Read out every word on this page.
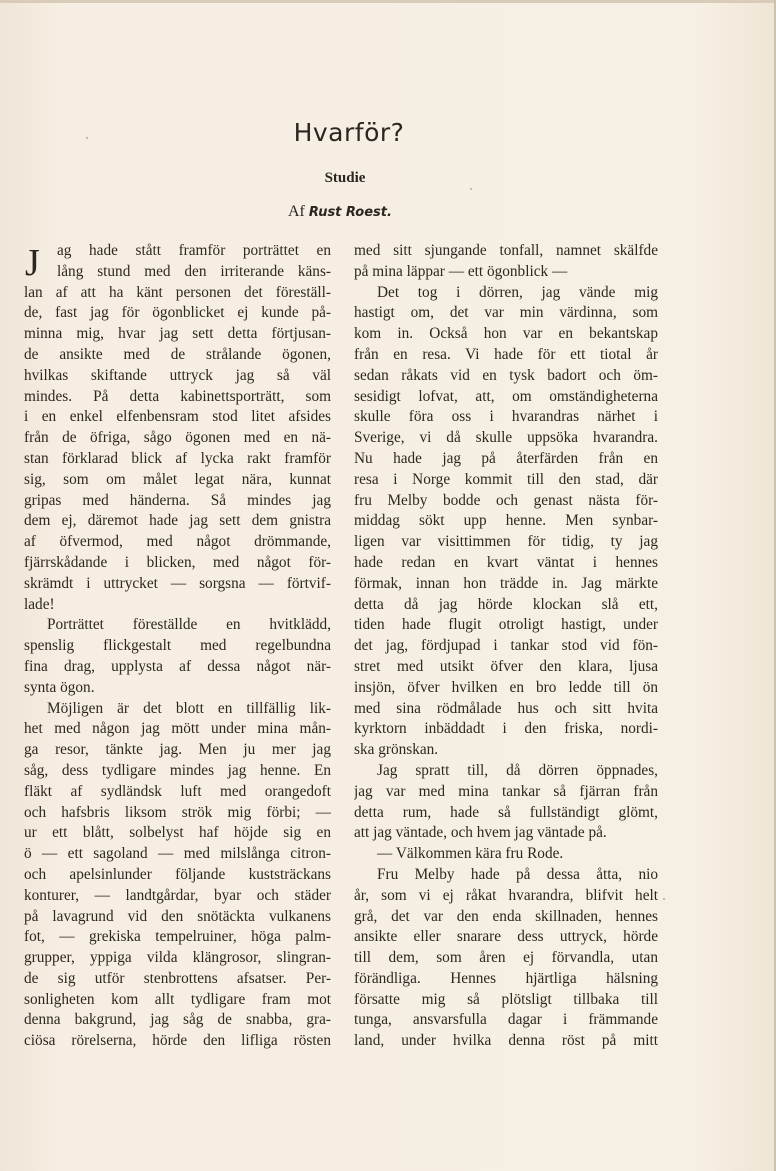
Hvarför?
Studie
Af Rust Roest.
J	ag hade stått framför porträttet en
lång stund med den irriterande käns-
lan af att ha känt personen det föreställ-
de, fast jag för ögonblicket ej kunde på-
minna mig, hvar jag sett detta förtjusan-
de ansikte med de strålande ögonen,
hvilkas skiftande uttryck jag så väl
mindes. På detta kabinettsporträtt, som
i en enkel elfenbensram stod litet afsides
från de öfriga, sågo ögonen med en nä-
stan förklarad blick af lycka rakt framför
sig, som om målet legat nära, kunnat
gripas med händerna. Så mindes jag
dem ej, däremot hade jag sett dem gnistra
af öfvermod, med något drömmande,
fjärrskådande i blicken, med något för-
skrämdt i uttrycket — sorgsna — förtvif-
lade!
Porträttet föreställde en hvitklädd,
spenslig flickgestalt med regelbundna
fina drag, upplysta af dessa något när-
synta ögon.
Möjligen är det blott en tillfällig lik-
het med någon jag mött under mina mån-
ga resor, tänkte jag. Men ju mer jag
såg, dess tydligare mindes jag henne. En
fläkt af sydländsk luft med orangedoft
och hafsbris liksom strök mig förbi; —
ur ett blått, solbelyst haf höjde sig en
ö — ett sagoland — med milslånga citron-
och apelsinlunder följande kuststräckans
konturer, — landtgårdar, byar och städer
på lavagrund vid den snötäckta vulkanens
fot, — grekiska tempelruiner, höga palm-
grupper, yppiga vilda klängrosor, slingran-
de sig utför stenbrottens afsatser. Per-
sonligheten kom allt tydligare fram mot
denna bakgrund, jag såg de snabba, gra-
ciösa rörelserna, hörde den lifliga rösten
med sitt sjungande tonfall, namnet skälfde
på mina läppar — ett ögonblick —
Det tog i dörren, jag vände mig
hastigt om, det var min värdinna, som
kom in. Också hon var en bekantskap
från en resa. Vi hade för ett tiotal år
sedan råkats vid en tysk badort och öm-
sesidigt lofvat, att, om omständigheterna
skulle föra oss i hvarandras närhet i
Sverige, vi då skulle uppsöka hvarandra.
Nu hade jag på återfärden från en
resa i Norge kommit till den stad, där
fru Melby bodde och genast nästa för-
middag sökt upp henne. Men synbar-
ligen var visittimmen för tidig, ty jag
hade redan en kvart väntat i hennes
förmak, innan hon trädde in. Jag märkte
detta då jag hörde klockan slå ett,
tiden hade flugit otroligt hastigt, under
det jag, fördjupad i tankar stod vid fön-
stret med utsikt öfver den klara, ljusa
insjön, öfver hvilken en bro ledde till ön
med sina rödmålade hus och sitt hvita
kyrktorn inbäddadt i den friska, nordi-
ska grönskan.
Jag spratt till, då dörren öppnades,
jag var med mina tankar så fjärran från
detta rum, hade så fullständigt glömt,
att jag väntade, och hvem jag väntade på.
— Välkommen kära fru Rode.
Fru Melby hade på dessa åtta, nio
år, som vi ej råkat hvarandra, blifvit helt
grå, det var den enda skillnaden, hennes
ansikte eller snarare dess uttryck, hörde
till dem, som åren ej förvandla, utan
förändliga. Hennes hjärtliga hälsning
försatte mig så plötsligt tillbaka till
tunga, ansvarsfulla dagar i främmande
land, under hvilka denna röst på mitt
